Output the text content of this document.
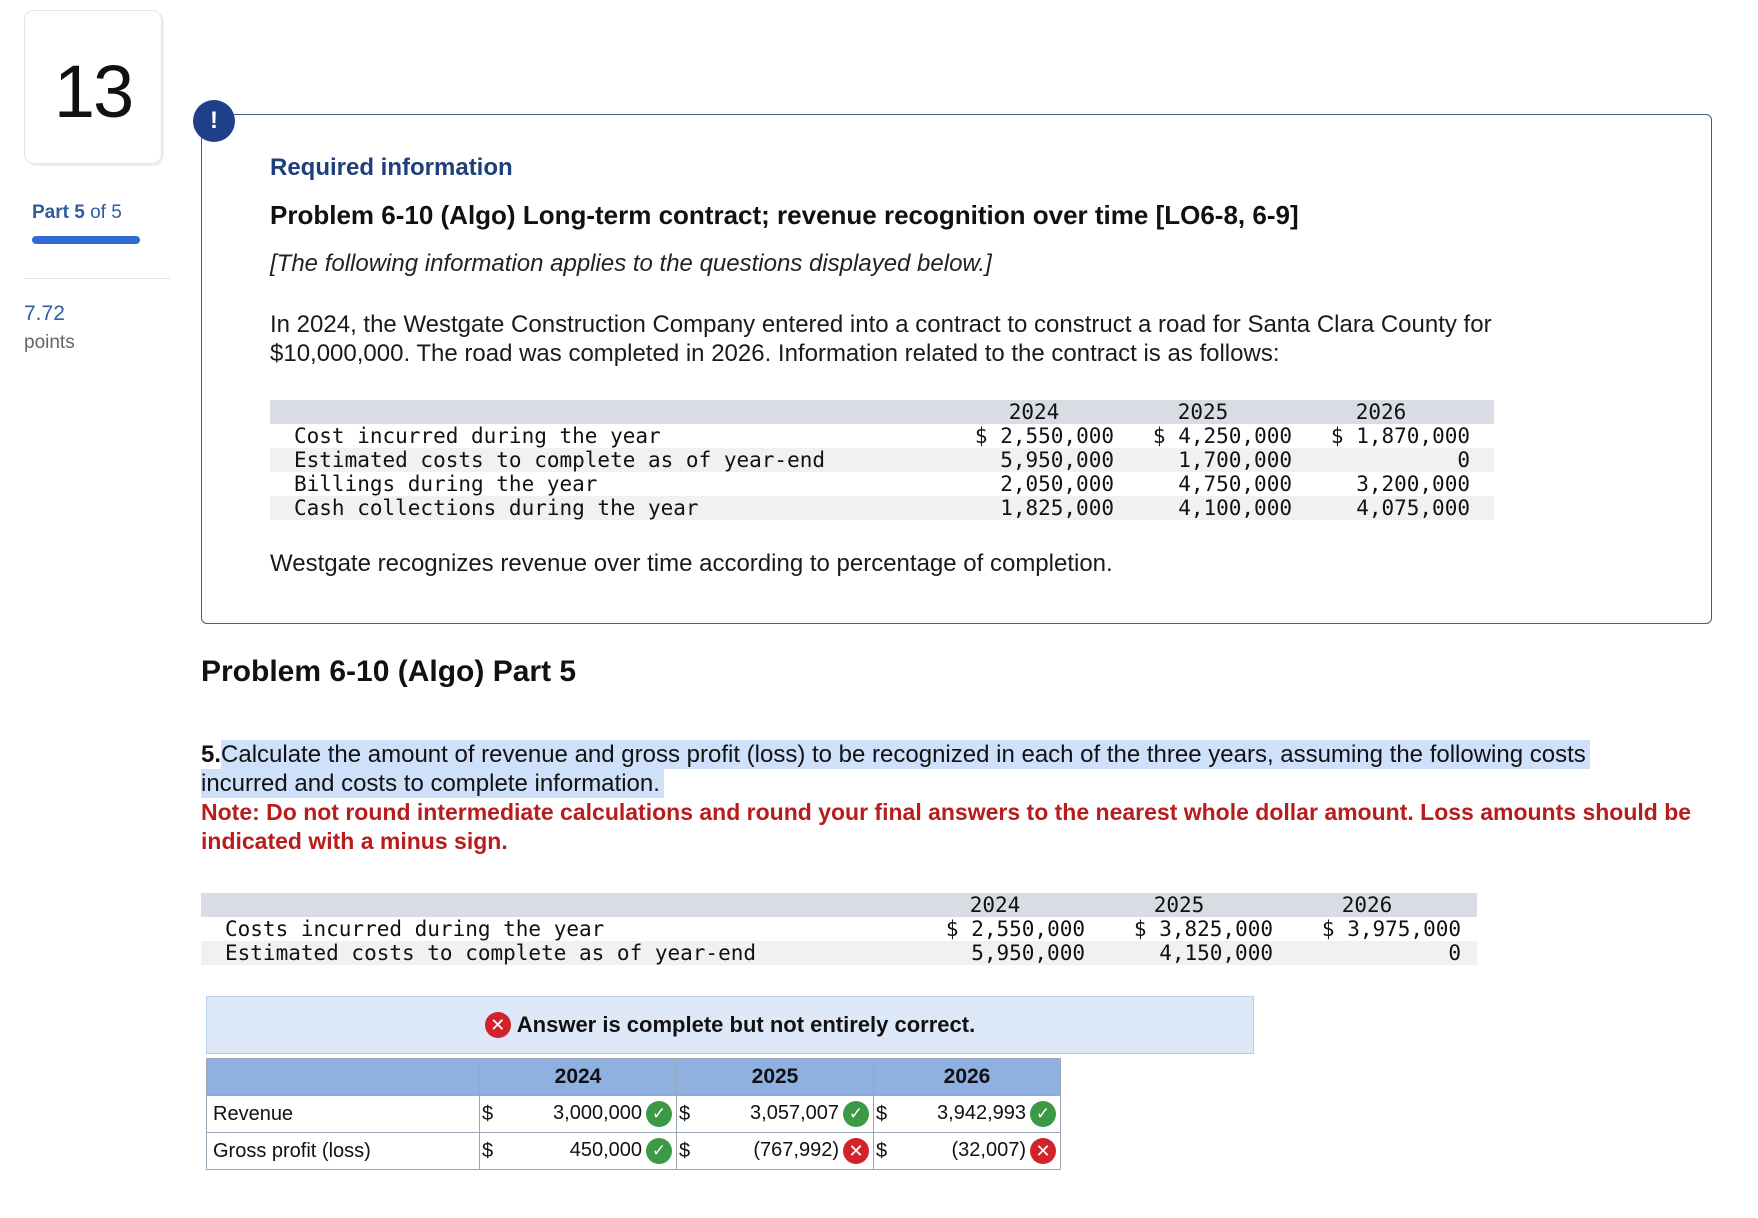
13
Part 5 of 5
7.72
points
!
Required information
Problem 6-10 (Algo) Long-term contract; revenue recognition over time [LO6-8, 6-9]
[The following information applies to the questions displayed below.]
In 2024, the Westgate Construction Company entered into a contract to construct a road for Santa Clara County for $10,000,000. The road was completed in 2026. Information related to the contract is as follows:
		2024	2025	2026	
	Cost incurred during the year	$ 2,550,000	$ 4,250,000	$ 1,870,000	
	Estimated costs to complete as of year-end	5,950,000	1,700,000	0	
	Billings during the year	2,050,000	4,750,000	3,200,000	
	Cash collections during the year	1,825,000	4,100,000	4,075,000	
Westgate recognizes revenue over time according to percentage of completion.
Problem 6-10 (Algo) Part 5
5.Calculate the amount of revenue and gross profit (loss) to be recognized in each of the three years, assuming the following costs
incurred and costs to complete information.
Note: Do not round intermediate calculations and round your final answers to the nearest whole dollar amount. Loss amounts should be indicated with a minus sign.
		2024	2025	2026	
	Costs incurred during the year	$ 2,550,000	$ 3,825,000	$ 3,975,000	
	Estimated costs to complete as of year-end	5,950,000	4,150,000	0	
✕ Answer is complete but not entirely correct.
	2024		2025		2026	
Revenue	$	3,000,000 ✓	$	3,057,007 ✓	$	3,942,993 ✓
Gross profit (loss)	$	450,000 ✓	$	(767,992) ✕	$	(32,007) ✕
